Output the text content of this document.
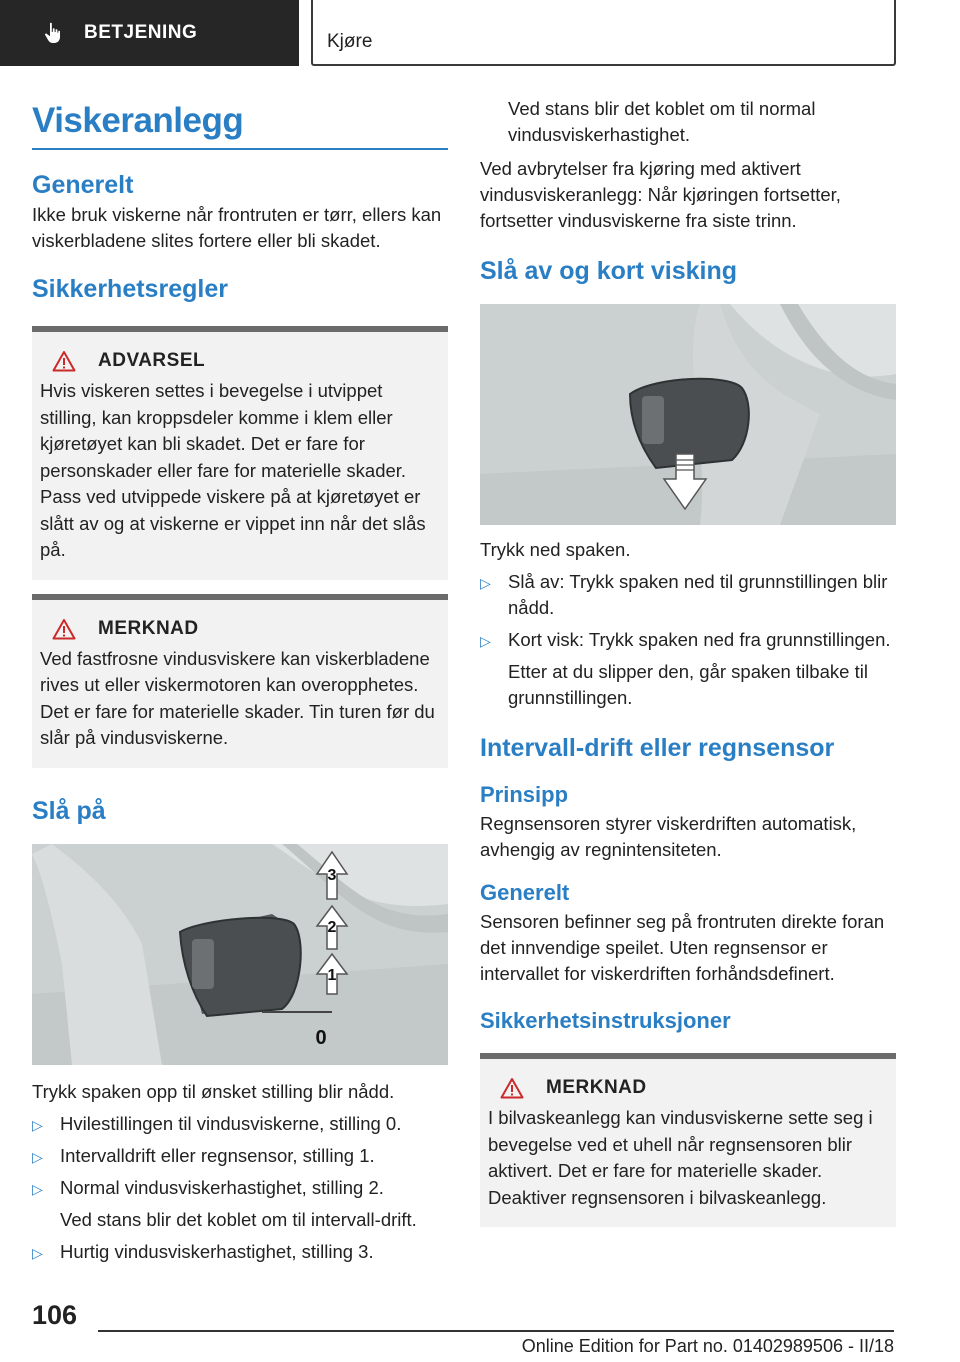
BETJENING	Kjøre
Viskeranlegg
Generelt

Ikke bruk viskerne når frontruten er tørr, ellers kan viskerbladene slites fortere eller bli skadet.

Sikkerhetsregler
ADVARSEL

Hvis viskeren settes i bevegelse i utvippet stilling, kan kroppsdeler komme i klem eller kjøretøyet kan bli skadet. Det er fare for personskader eller fare for materielle skader. Pass ved utvippede viskere på at kjøretøyet er slått av og at viskerne er vippet inn når det slås på.

MERKNAD

Ved fastfrosne vindusviskere kan viskerbladene rives ut eller viskermotoren kan overopphetes. Det er fare for materielle skader. Tin turen før du slår på vindusviskerne.

Slå på
1
2
3
0

Trykk spaken opp til ønsket stilling blir nådd.

▷ Hvilestillingen til vindusviskerne, stilling 0.
▷ Intervalldrift eller regnsensor, stilling 1.
▷ Normal vindusviskerhastighet, stilling 2.
Ved stans blir det koblet om til intervall-drift.
▷ Hurtig vindusviskerhastighet, stilling 3.
Ved stans blir det koblet om til normal vindusviskerhastighet.

Ved avbrytelser fra kjøring med aktivert vindusviskeranlegg: Når kjøringen fortsetter, fortsetter vindusviskerne fra siste trinn.

Slå av og kort visking

Trykk ned spaken.

▷ Slå av: Trykk spaken ned til grunnstillingen blir nådd.
▷ Kort visk: Trykk spaken ned fra grunnstillingen.
Etter at du slipper den, går spaken tilbake til grunnstillingen.
Intervall-drift eller regnsensor
Prinsipp

Regnsensoren styrer viskerdriften automatisk, avhengig av regnintensiteten.

Generelt

Sensoren befinner seg på frontruten direkte foran det innvendige speilet. Uten regnsensor er intervallet for viskerdriften forhåndsdefinert.

Sikkerhetsinstruksjoner
MERKNAD

I bilvaskeanlegg kan vindusviskerne sette seg i bevegelse ved et uhell når regnsensoren blir aktivert. Det er fare for materielle skader. Deaktiver regnsensoren i bilvaskeanlegg.

106
Online Edition for Part no. 01402989506 - II/18
